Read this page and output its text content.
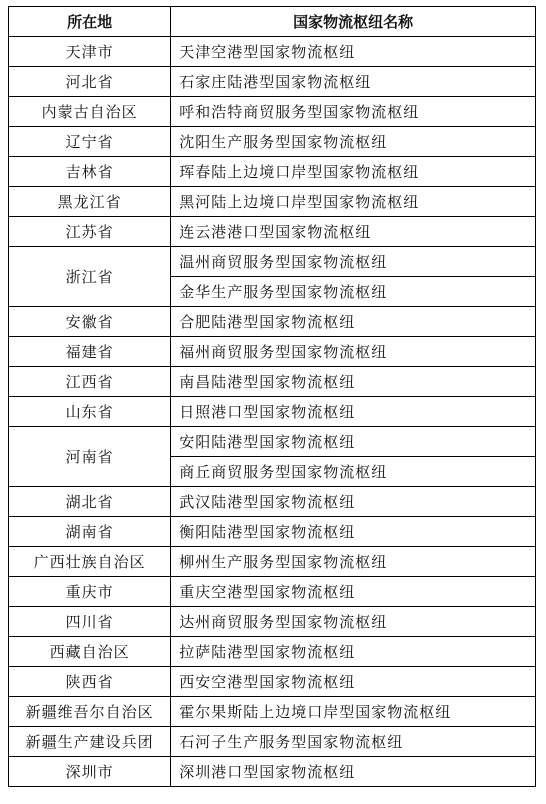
所在地	国家物流枢纽名称
天津市	天津空港型国家物流枢纽
河北省	石家庄陆港型国家物流枢纽
内蒙古自治区	呼和浩特商贸服务型国家物流枢纽
辽宁省	沈阳生产服务型国家物流枢纽
吉林省	珲春陆上边境口岸型国家物流枢纽
黑龙江省	黑河陆上边境口岸型国家物流枢纽
江苏省	连云港港口型国家物流枢纽
浙江省	温州商贸服务型国家物流枢纽
	金华生产服务型国家物流枢纽
安徽省	合肥陆港型国家物流枢纽
福建省	福州商贸服务型国家物流枢纽
江西省	南昌陆港型国家物流枢纽
山东省	日照港口型国家物流枢纽
河南省	安阳陆港型国家物流枢纽
	商丘商贸服务型国家物流枢纽
湖北省	武汉陆港型国家物流枢纽
湖南省	衡阳陆港型国家物流枢纽
广西壮族自治区	柳州生产服务型国家物流枢纽
重庆市	重庆空港型国家物流枢纽
四川省	达州商贸服务型国家物流枢纽
西藏自治区	拉萨陆港型国家物流枢纽
陕西省	西安空港型国家物流枢纽
新疆维吾尔自治区	霍尔果斯陆上边境口岸型国家物流枢纽
新疆生产建设兵团	石河子生产服务型国家物流枢纽
深圳市	深圳港口型国家物流枢纽
